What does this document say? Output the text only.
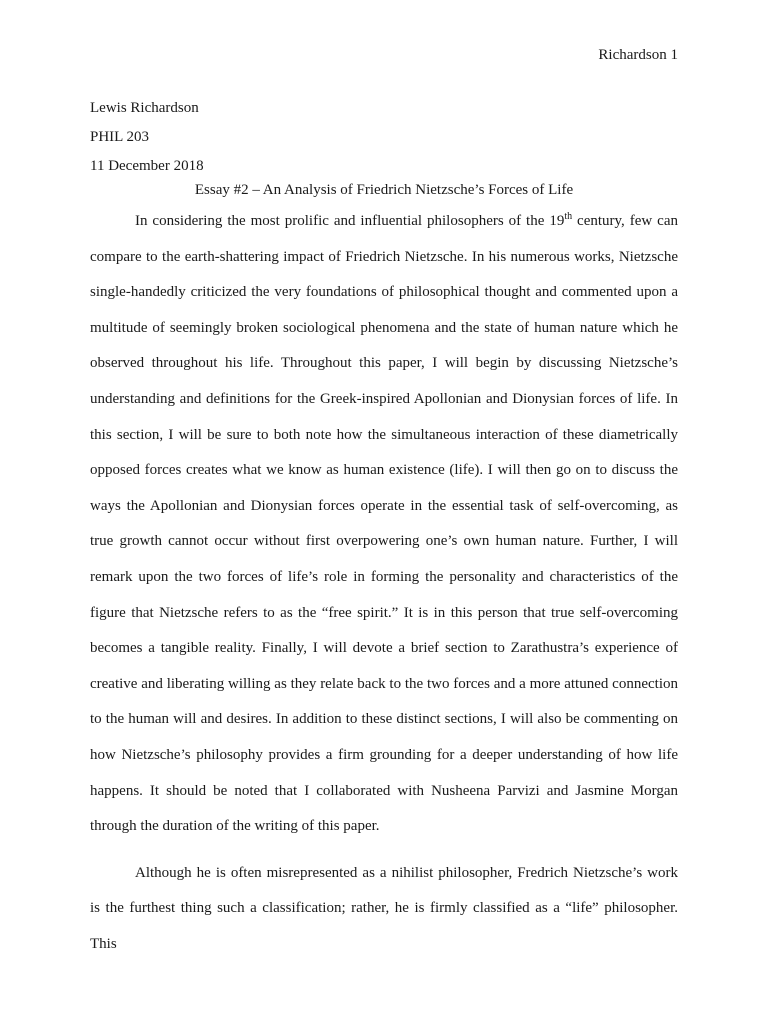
Richardson 1
Lewis Richardson
PHIL 203
11 December 2018
Essay #2 – An Analysis of Friedrich Nietzsche’s Forces of Life

In considering the most prolific and influential philosophers of the 19th century, few can compare to the earth-shattering impact of Friedrich Nietzsche. In his numerous works, Nietzsche single-handedly criticized the very foundations of philosophical thought and commented upon a multitude of seemingly broken sociological phenomena and the state of human nature which he observed throughout his life. Throughout this paper, I will begin by discussing Nietzsche’s understanding and definitions for the Greek-inspired Apollonian and Dionysian forces of life. In this section, I will be sure to both note how the simultaneous interaction of these diametrically opposed forces creates what we know as human existence (life). I will then go on to discuss the ways the Apollonian and Dionysian forces operate in the essential task of self-overcoming, as true growth cannot occur without first overpowering one’s own human nature. Further, I will remark upon the two forces of life’s role in forming the personality and characteristics of the figure that Nietzsche refers to as the “free spirit.” It is in this person that true self-overcoming becomes a tangible reality. Finally, I will devote a brief section to Zarathustra’s experience of creative and liberating willing as they relate back to the two forces and a more attuned connection to the human will and desires. In addition to these distinct sections, I will also be commenting on how Nietzsche’s philosophy provides a firm grounding for a deeper understanding of how life happens. It should be noted that I collaborated with Nusheena Parvizi and Jasmine Morgan through the duration of the writing of this paper.

Although he is often misrepresented as a nihilist philosopher, Fredrich Nietzsche’s work is the furthest thing such a classification; rather, he is firmly classified as a “life” philosopher. This
